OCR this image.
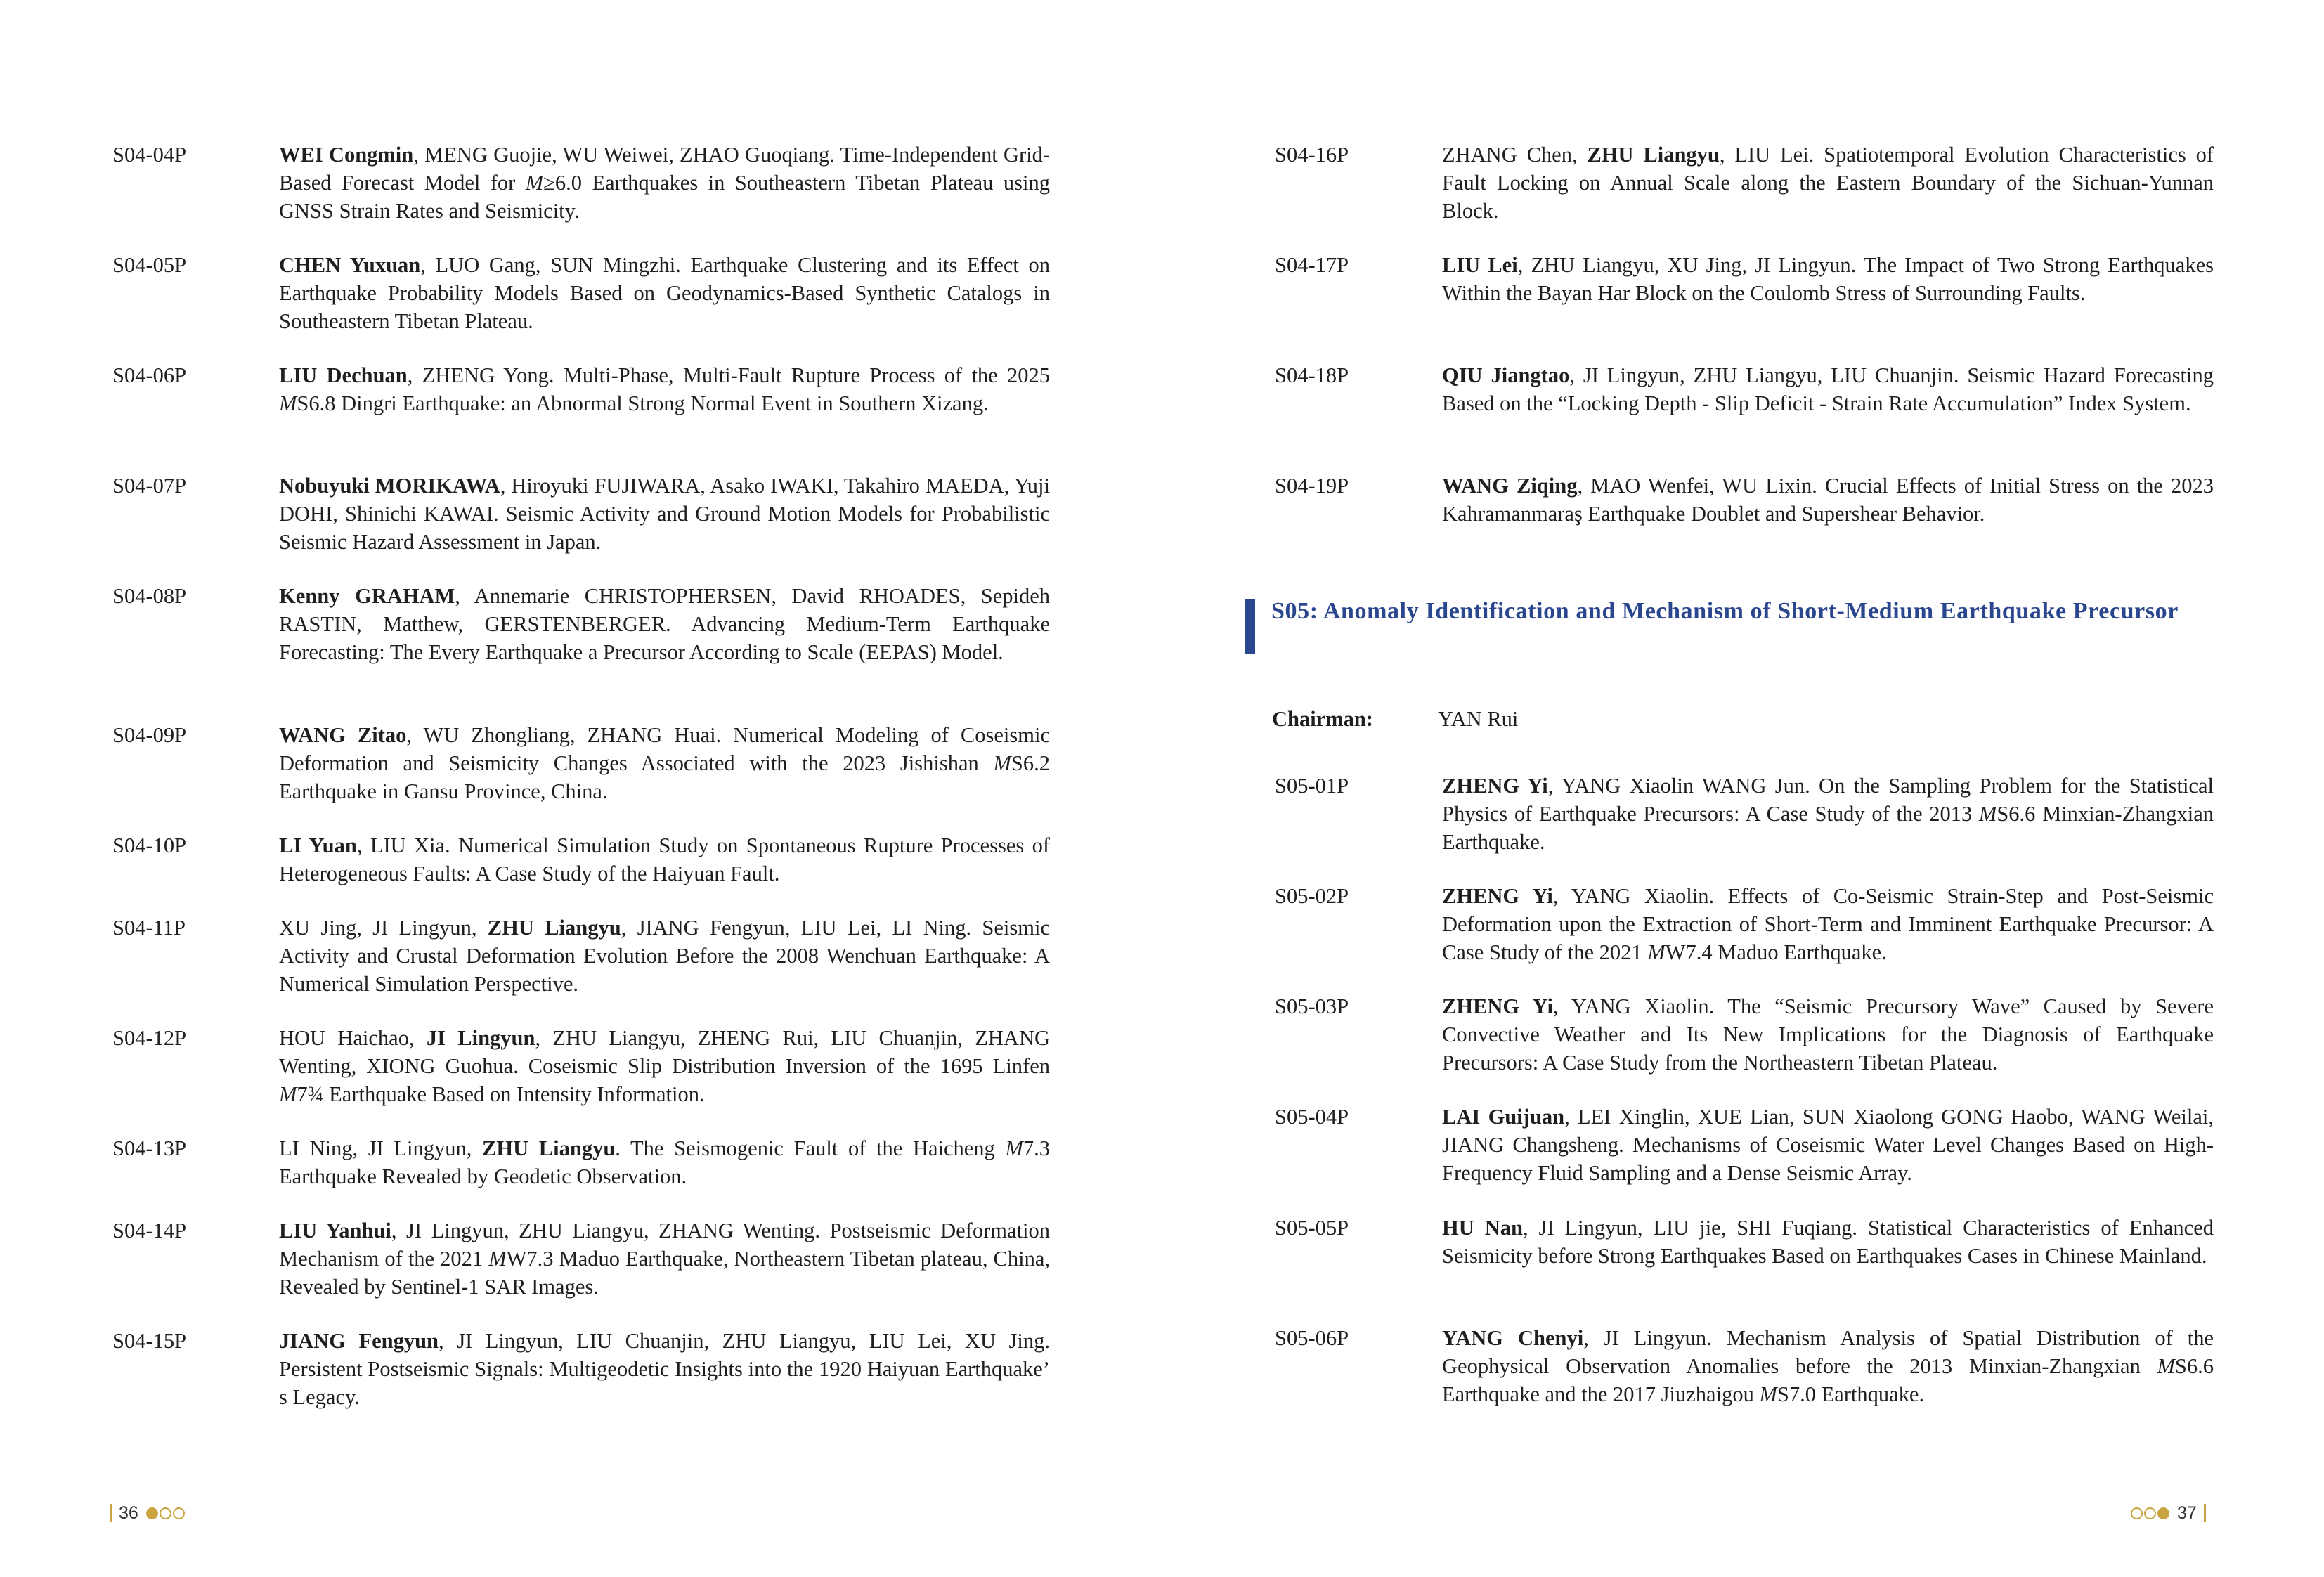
S04-04P	WEI Congmin, MENG Guojie, WU Weiwei, ZHAO Guoqiang. Time-Independent Grid-Based Forecast Model for M≥6.0 Earthquakes in Southeastern Tibetan Plateau using GNSS Strain Rates and Seismicity.
S04-05P	CHEN Yuxuan, LUO Gang, SUN Mingzhi. Earthquake Clustering and its Effect on Earthquake Probability Models Based on Geodynamics-Based Synthetic Catalogs in Southeastern Tibetan Plateau.
S04-06P	LIU Dechuan, ZHENG Yong. Multi-Phase, Multi-Fault Rupture Process of the 2025 MS6.8 Dingri Earthquake: an Abnormal Strong Normal Event in Southern Xizang.
S04-07P	Nobuyuki MORIKAWA, Hiroyuki FUJIWARA, Asako IWAKI, Takahiro MAEDA, Yuji DOHI, Shinichi KAWAI. Seismic Activity and Ground Motion Models for Probabilistic Seismic Hazard Assessment in Japan.
S04-08P	Kenny GRAHAM, Annemarie CHRISTOPHERSEN, David RHOADES, Sepideh RASTIN, Matthew, GERSTENBERGER. Advancing Medium-Term Earthquake Forecasting: The Every Earthquake a Precursor According to Scale (EEPAS) Model.
S04-09P	WANG Zitao, WU Zhongliang, ZHANG Huai. Numerical Modeling of Coseismic Deformation and Seismicity Changes Associated with the 2023 Jishishan MS6.2 Earthquake in Gansu Province, China.
S04-10P	LI Yuan, LIU Xia. Numerical Simulation Study on Spontaneous Rupture Processes of Heterogeneous Faults: A Case Study of the Haiyuan Fault.
S04-11P	XU Jing, JI Lingyun, ZHU Liangyu, JIANG Fengyun, LIU Lei, LI Ning. Seismic Activity and Crustal Deformation Evolution Before the 2008 Wenchuan Earthquake: A Numerical Simulation Perspective.
S04-12P	HOU Haichao, JI Lingyun, ZHU Liangyu, ZHENG Rui, LIU Chuanjin, ZHANG Wenting, XIONG Guohua. Coseismic Slip Distribution Inversion of the 1695 Linfen M7¾ Earthquake Based on Intensity Information.
S04-13P	LI Ning, JI Lingyun, ZHU Liangyu. The Seismogenic Fault of the Haicheng M7.3 Earthquake Revealed by Geodetic Observation.
S04-14P	LIU Yanhui, JI Lingyun, ZHU Liangyu, ZHANG Wenting. Postseismic Deformation Mechanism of the 2021 MW7.3 Maduo Earthquake, Northeastern Tibetan plateau, China, Revealed by Sentinel-1 SAR Images.
S04-15P	JIANG Fengyun, JI Lingyun, LIU Chuanjin, ZHU Liangyu, LIU Lei, XU Jing. Persistent Postseismic Signals: Multigeodetic Insights into the 1920 Haiyuan Earthquake’ s Legacy.
36
S04-16P	ZHANG Chen, ZHU Liangyu, LIU Lei. Spatiotemporal Evolution Characteristics of Fault Locking on Annual Scale along the Eastern Boundary of the Sichuan-Yunnan Block.
S04-17P	LIU Lei, ZHU Liangyu, XU Jing, JI Lingyun. The Impact of Two Strong Earthquakes Within the Bayan Har Block on the Coulomb Stress of Surrounding Faults.
S04-18P	QIU Jiangtao, JI Lingyun, ZHU Liangyu, LIU Chuanjin. Seismic Hazard Forecasting Based on the “Locking Depth - Slip Deficit - Strain Rate Accumulation” Index System.
S04-19P	WANG Ziqing, MAO Wenfei, WU Lixin. Crucial Effects of Initial Stress on the 2023 Kahramanmaraş Earthquake Doublet and Supershear Behavior.
S05: Anomaly Identification and Mechanism of Short-Medium Earthquake Precursor
Chairman:	YAN Rui
S05-01P	ZHENG Yi, YANG Xiaolin WANG Jun. On the Sampling Problem for the Statistical Physics of Earthquake Precursors: A Case Study of the 2013 MS6.6 Minxian-Zhangxian Earthquake.
S05-02P	ZHENG Yi, YANG Xiaolin. Effects of Co-Seismic Strain-Step and Post-Seismic Deformation upon the Extraction of Short-Term and Imminent Earthquake Precursor: A Case Study of the 2021 MW7.4 Maduo Earthquake.
S05-03P	ZHENG Yi, YANG Xiaolin. The “Seismic Precursory Wave” Caused by Severe Convective Weather and Its New Implications for the Diagnosis of Earthquake Precursors: A Case Study from the Northeastern Tibetan Plateau.
S05-04P	LAI Guijuan, LEI Xinglin, XUE Lian, SUN Xiaolong GONG Haobo, WANG Weilai, JIANG Changsheng. Mechanisms of Coseismic Water Level Changes Based on High-Frequency Fluid Sampling and a Dense Seismic Array.
S05-05P	HU Nan, JI Lingyun, LIU jie, SHI Fuqiang. Statistical Characteristics of Enhanced Seismicity before Strong Earthquakes Based on Earthquakes Cases in Chinese Mainland.
S05-06P	YANG Chenyi, JI Lingyun. Mechanism Analysis of Spatial Distribution of the Geophysical Observation Anomalies before the 2013 Minxian-Zhangxian MS6.6 Earthquake and the 2017 Jiuzhaigou MS7.0 Earthquake.
37
